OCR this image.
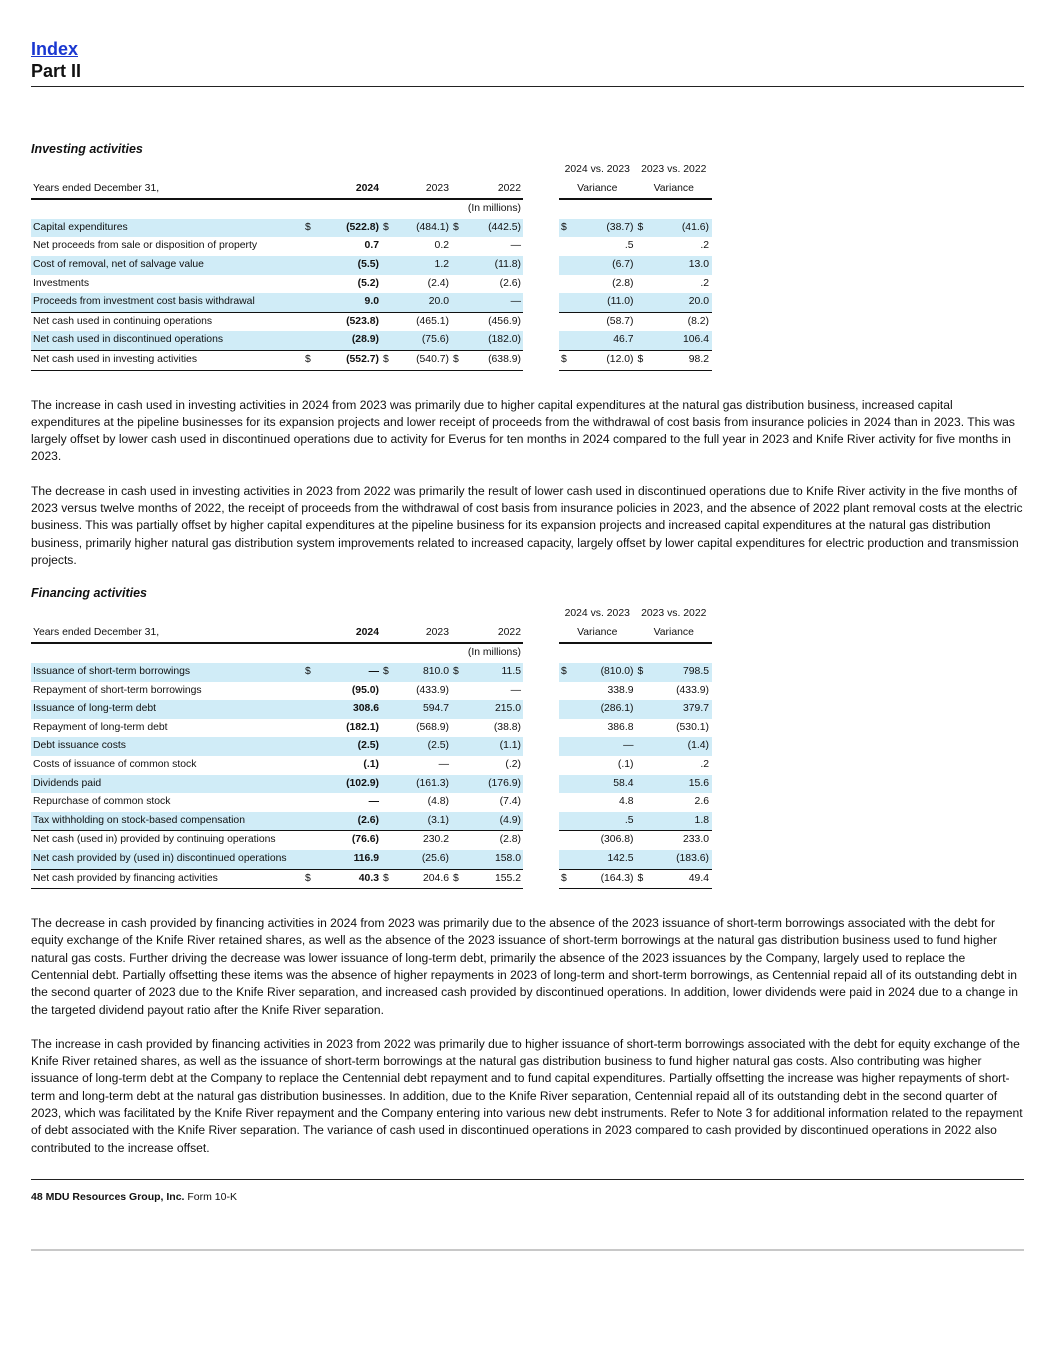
Index
Part II

Investing activities

								2024 vs. 2023		2023 vs. 2022	
Years ended December 31,		2024		2023		2022		Variance		Variance	
				(In millions)							
Capital expenditures	$	(522.8)	$	(484.1)	$	(442.5)		$	(38.7)	$	(41.6)
Net proceeds from sale or disposition of property		0.7		0.2		—			.5		.2
Cost of removal, net of salvage value		(5.5)		1.2		(11.8)			(6.7)		13.0
Investments		(5.2)		(2.4)		(2.6)			(2.8)		.2
Proceeds from investment cost basis withdrawal		9.0		20.0		—			(11.0)		20.0
Net cash used in continuing operations		(523.8)		(465.1)		(456.9)			(58.7)		(8.2)
Net cash used in discontinued operations		(28.9)		(75.6)		(182.0)			46.7		106.4
Net cash used in investing activities	$	(552.7)	$	(540.7)	$	(638.9)		$	(12.0)	$	98.2

The increase in cash used in investing activities in 2024 from 2023 was primarily due to higher capital expenditures at the natural gas distribution business, increased capital expenditures at the pipeline businesses for its expansion projects and lower receipt of proceeds from the withdrawal of cost basis from insurance policies in 2024 than in 2023. This was largely offset by lower cash used in discontinued operations due to activity for Everus for ten months in 2024 compared to the full year in 2023 and Knife River activity for five months in 2023.

The decrease in cash used in investing activities in 2023 from 2022 was primarily the result of lower cash used in discontinued operations due to Knife River activity in the five months of 2023 versus twelve months of 2022, the receipt of proceeds from the withdrawal of cost basis from insurance policies in 2023, and the absence of 2022 plant removal costs at the electric business. This was partially offset by higher capital expenditures at the pipeline business for its expansion projects and increased capital expenditures at the natural gas distribution business, primarily higher natural gas distribution system improvements related to increased capacity, largely offset by lower capital expenditures for electric production and transmission projects.

Financing activities

								2024 vs. 2023		2023 vs. 2022	
Years ended December 31,		2024		2023		2022		Variance		Variance	
				(In millions)							
Issuance of short-term borrowings	$	—	$	810.0	$	11.5		$	(810.0)	$	798.5
Repayment of short-term borrowings		(95.0)		(433.9)		—			338.9		(433.9)
Issuance of long-term debt		308.6		594.7		215.0			(286.1)		379.7
Repayment of long-term debt		(182.1)		(568.9)		(38.8)			386.8		(530.1)
Debt issuance costs		(2.5)		(2.5)		(1.1)			—		(1.4)
Costs of issuance of common stock		(.1)		—		(.2)			(.1)		.2
Dividends paid		(102.9)		(161.3)		(176.9)			58.4		15.6
Repurchase of common stock		—		(4.8)		(7.4)			4.8		2.6
Tax withholding on stock-based compensation		(2.6)		(3.1)		(4.9)			.5		1.8
Net cash (used in) provided by continuing operations		(76.6)		230.2		(2.8)			(306.8)		233.0
Net cash provided by (used in) discontinued operations		116.9		(25.6)		158.0			142.5		(183.6)
Net cash provided by financing activities	$	40.3	$	204.6	$	155.2		$	(164.3)	$	49.4

The decrease in cash provided by financing activities in 2024 from 2023 was primarily due to the absence of the 2023 issuance of short-term borrowings associated with the debt for equity exchange of the Knife River retained shares, as well as the absence of the 2023 issuance of short-term borrowings at the natural gas distribution business used to fund higher natural gas costs. Further driving the decrease was lower issuance of long-term debt, primarily the absence of the 2023 issuances by the Company, largely used to replace the Centennial debt. Partially offsetting these items was the absence of higher repayments in 2023 of long-term and short-term borrowings, as Centennial repaid all of its outstanding debt in the second quarter of 2023 due to the Knife River separation, and increased cash provided by discontinued operations. In addition, lower dividends were paid in 2024 due to a change in the targeted dividend payout ratio after the Knife River separation.

The increase in cash provided by financing activities in 2023 from 2022 was primarily due to higher issuance of short-term borrowings associated with the debt for equity exchange of the Knife River retained shares, as well as the issuance of short-term borrowings at the natural gas distribution business to fund higher natural gas costs. Also contributing was higher issuance of long-term debt at the Company to replace the Centennial debt repayment and to fund capital expenditures. Partially offsetting the increase was higher repayments of short-term and long-term debt at the natural gas distribution businesses. In addition, due to the Knife River separation, Centennial repaid all of its outstanding debt in the second quarter of 2023, which was facilitated by the Knife River repayment and the Company entering into various new debt instruments. Refer to Note 3 for additional information related to the repayment of debt associated with the Knife River separation. The variance of cash used in discontinued operations in 2023 compared to cash provided by discontinued operations in 2022 also contributed to the increase offset.

48 MDU Resources Group, Inc. Form 10-K
